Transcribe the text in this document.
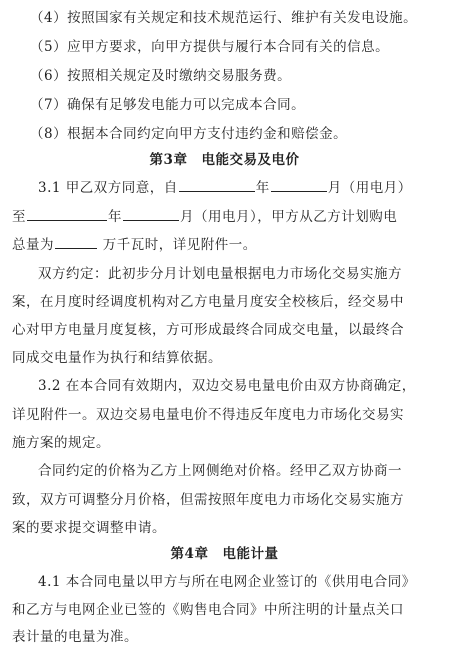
（4）按照国家有关规定和技术规范运行、维护有关发电设施。
（5）应甲方要求，向甲方提供与履行本合同有关的信息。
（6）按照相关规定及时缴纳交易服务费。
（7）确保有足够发电能力可以完成本合同。
（8）根据本合同约定向甲方支付违约金和赔偿金。
第3章　电能交易及电价
3.1 甲乙双方同意，自	年	月（用电月）
至	年	月（用电月），甲方从乙方计划购电
总量为	万千瓦时，详见附件一。
双方约定：此初步分月计划电量根据电力市场化交易实施方
案，在月度时经调度机构对乙方电量月度安全校核后，经交易中
心对甲方电量月度复核，方可形成最终合同成交电量，以最终合
同成交电量作为执行和结算依据。
3.2 在本合同有效期内，双边交易电量电价由双方协商确定，
详见附件一。双边交易电量电价不得违反年度电力市场化交易实
施方案的规定。
合同约定的价格为乙方上网侧绝对价格。经甲乙双方协商一
致，双方可调整分月价格，但需按照年度电力市场化交易实施方
案的要求提交调整申请。
第4章　电能计量
4.1 本合同电量以甲方与所在电网企业签订的《供用电合同》
和乙方与电网企业已签的《购售电合同》中所注明的计量点关口
表计量的电量为准。
